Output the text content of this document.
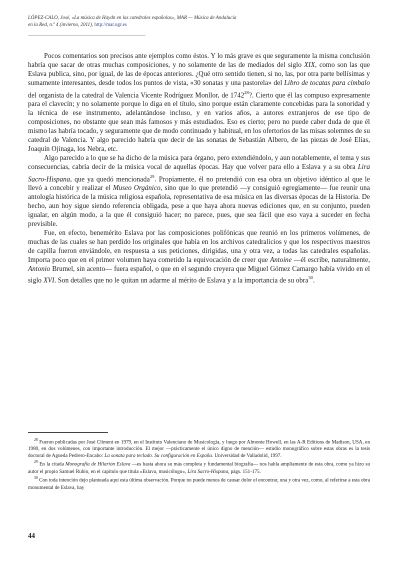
LÓPEZ-CALO, José, «La música de Haydn en las catedrales españolas», MAR — Música de Andalucía
en la Red, n.º 4 (invierno, 2011), http://mar.ugr.es
_______________________________________________

Pocos comentarios son precisos ante ejemplos como éstos. Y lo más grave es que seguramente la misma conclusión habría que sacar de otras muchas composiciones, y no solamente de las de mediados del siglo XIX, como son las que Eslava publica, sino, por igual, de las de épocas anteriores. ¿Qué otro sentido tienen, si no, las, por otra parte bellísimas y sumamente interesantes, desde todos los puntos de vista, «30 sonatas y una pastorela» del Libro de tocatas para címbalo del organista de la catedral de Valencia Vicente Rodríguez Monllor, de 1742$^{28}$?. Cierto que él las compuso expresamente para el clavecín; y no solamente porque lo diga en el título, sino porque están claramente concebidas para la sonoridad y la técnica de ese instrumento, adelantándose incluso, y en varios años, a autores extranjeros de ese tipo de composiciones, no obstante que sean más famosos y más estudiados. Eso es cierto; pero no puede caber duda de que él mismo las habría tocado, y seguramente que de modo continuado y habitual, en los ofertorios de las misas solemnes de su catedral de Valencia. Y algo parecido habría que decir de las sonatas de Sebastián Albero, de las piezas de José Elías, Joaquín Ojinaga, los Nebra, etc.

Algo parecido a lo que se ha dicho de la música para órgano, pero extendiéndolo, y aun notablemente, el tema y sus consecuencias, cabría decir de la música vocal de aquellas épocas. Hay que volver para ello a Eslava y a su obra Lira Sacro-Hispana, que ya quedó mencionada$^{29}$. Propiamente, él no pretendió con esa obra un objetivo idéntico al que le llevó a concebir y realizar el Museo Orgánico, sino que lo que pretendió —y consiguió egregiamente— fue reunir una antología histórica de la música religiosa española, representativa de esa música en las diversas épocas de la Historia. De hecho, aun hoy sigue siendo referencia obligada, pese a que haya ahora nuevas ediciones que, en su conjunto, pueden igualar, en algún modo, a la que él consiguió hacer; no parece, pues, que sea fácil que eso vaya a suceder en fecha previsible.

Fue, en efecto, benemérito Eslava por las composiciones polifónicas que reunió en los primeros volúmenes, de muchas de las cuales se han perdido los originales que había en los archivos catedralicios y que los respectivos maestros de capilla fueron enviándole, en respuesta a sus peticiones, dirigidas, una y otra vez, a todas las catedrales españolas. Importa poco que en el primer volumen haya cometido la equivocación de creer que Antoine —él escribe, naturalmente, Antonio Brumel, sin acento— fuera español, o que en el segundo creyera que Miguel Gómez Camargo había vivido en el siglo XVI. Son detalles que no le quitan un adarme al mérito de Eslava y a la importancia de su obra$^{30}$.

$^{28}$ Fueron publicadas por José Climent en 1979, en el Instituto Valenciano de Musicología, y luego por Almonte Howell, en las A-R Editions de Madison, USA, en 1980, en dos volúmenes, con importante introducción. El mejor —prácticamente el único digno de mención— estudio monográfico sobre estas obras es la tesis doctoral de Agueda Pedrero-Encabo: La sonata para teclado. Su configuración en España. Universidad de Valladolid, 1997.

$^{29}$ En la citada Monografía de Hilarión Eslava —es hasta ahora su más completa y fundamental biografía— nos habla ampliamente de esta obra, como ya hizo su autor el propio Samuel Rubio, en el capítulo que titula «Eslava, musicólogo», Lira Sacro-Hispana, págs. 151-175.

$^{30}$ Con toda intención dejo planteada aquí esta última observación. Porque no puede menos de causar dolor el encontrar, una y otra vez, como, al referirse a esta obra monumental de Eslava, hay

44
